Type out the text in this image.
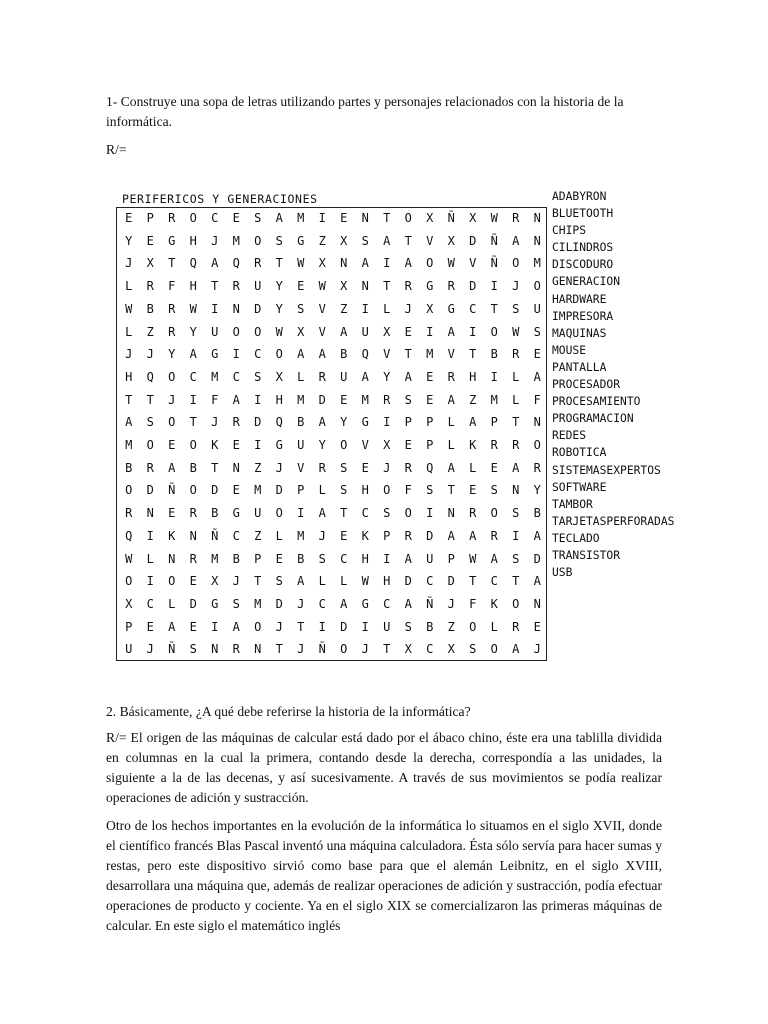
1- Construye una sopa de letras utilizando partes y personajes relacionados con la historia de la informática.

R/=

PERIFERICOS Y GENERACIONES
E	P	R	O	C	E	S	A	M	I	E	N	T	O	X	Ñ	X	W	R	N
Y	E	G	H	J	M	O	S	G	Z	X	S	A	T	V	X	D	Ñ	A	N
J	X	T	Q	A	Q	R	T	W	X	N	A	I	A	O	W	V	Ñ	O	M
L	R	F	H	T	R	U	Y	E	W	X	N	T	R	G	R	D	I	J	O
W	B	R	W	I	N	D	Y	S	V	Z	I	L	J	X	G	C	T	S	U
L	Z	R	Y	U	O	O	W	X	V	A	U	X	E	I	A	I	O	W	S
J	J	Y	A	G	I	C	O	A	A	B	Q	V	T	M	V	T	B	R	E
H	Q	O	C	M	C	S	X	L	R	U	A	Y	A	E	R	H	I	L	A
T	T	J	I	F	A	I	H	M	D	E	M	R	S	E	A	Z	M	L	F
A	S	O	T	J	R	D	Q	B	A	Y	G	I	P	P	L	A	P	T	N
M	O	E	O	K	E	I	G	U	Y	O	V	X	E	P	L	K	R	R	O
B	R	A	B	T	N	Z	J	V	R	S	E	J	R	Q	A	L	E	A	R
O	D	Ñ	O	D	E	M	D	P	L	S	H	O	F	S	T	E	S	N	Y
R	N	E	R	B	G	U	O	I	A	T	C	S	O	I	N	R	O	S	B
Q	I	K	N	Ñ	C	Z	L	M	J	E	K	P	R	D	A	A	R	I	A
W	L	N	R	M	B	P	E	B	S	C	H	I	A	U	P	W	A	S	D
O	I	O	E	X	J	T	S	A	L	L	W	H	D	C	D	T	C	T	A
X	C	L	D	G	S	M	D	J	C	A	G	C	A	Ñ	J	F	K	O	N
P	E	A	E	I	A	O	J	T	I	D	I	U	S	B	Z	O	L	R	E
U	J	Ñ	S	N	R	N	T	J	Ñ	O	J	T	X	C	X	S	O	A	J
ADABYRON
BLUETOOTH
CHIPS
CILINDROS
DISCODURO
GENERACION
HARDWARE
IMPRESORA
MAQUINAS
MOUSE
PANTALLA
PROCESADOR
PROCESAMIENTO
PROGRAMACION
REDES
ROBOTICA
SISTEMASEXPERTOS
SOFTWARE
TAMBOR
TARJETASPERFORADAS
TECLADO
TRANSISTOR
USB

2. Básicamente, ¿A qué debe referirse la historia de la informática?

R/= El origen de las máquinas de calcular está dado por el ábaco chino, éste era una tablilla dividida en columnas en la cual la primera, contando desde la derecha, correspondía a las unidades, la siguiente a la de las decenas, y así sucesivamente. A través de sus movimientos se podía realizar operaciones de adición y sustracción.

Otro de los hechos importantes en la evolución de la informática lo situamos en el siglo XVII, donde el científico francés Blas Pascal inventó una máquina calculadora. Ésta sólo servía para hacer sumas y restas, pero este dispositivo sirvió como base para que el alemán Leibnitz, en el siglo XVIII, desarrollara una máquina que, además de realizar operaciones de adición y sustracción, podía efectuar operaciones de producto y cociente. Ya en el siglo XIX se comercializaron las primeras máquinas de calcular. En este siglo el matemático inglés
